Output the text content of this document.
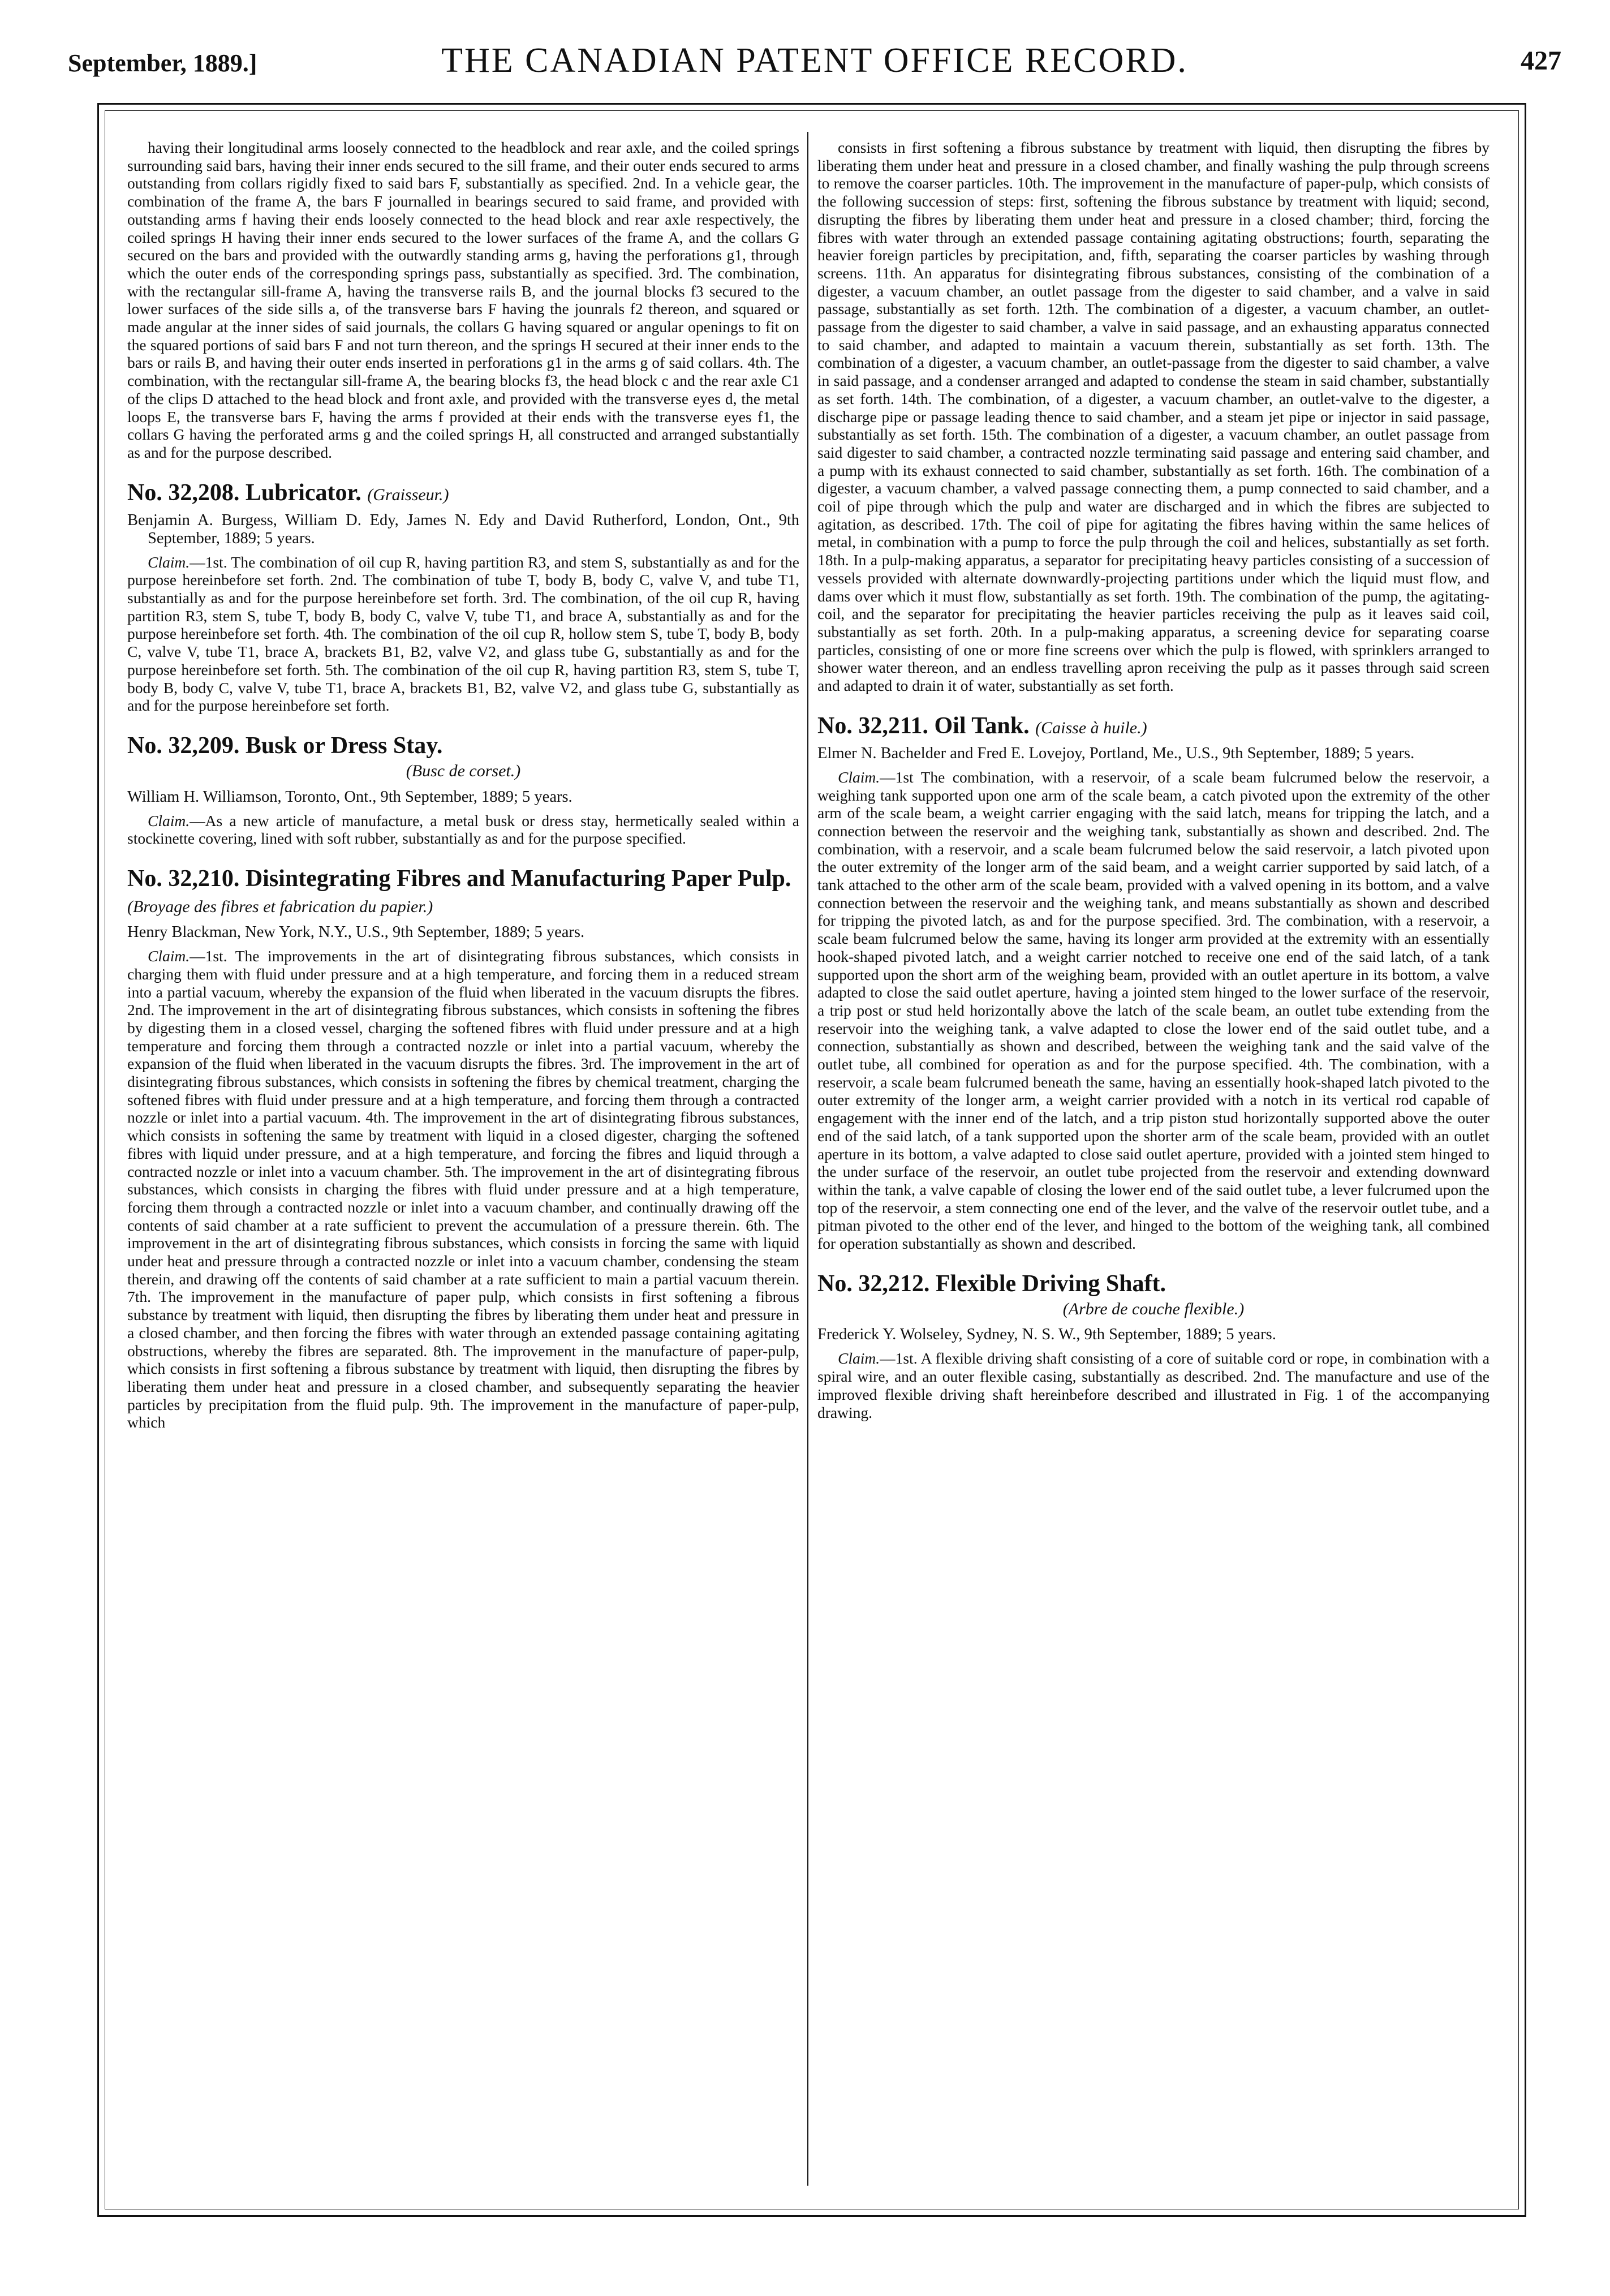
September, 1889.]	THE CANADIAN PATENT OFFICE RECORD.	427

having their longitudinal arms loosely connected to the headblock and rear axle, and the coiled springs surrounding said bars, having their inner ends secured to the sill frame, and their outer ends secured to arms outstanding from collars rigidly fixed to said bars F, substantially as specified. 2nd. In a vehicle gear, the combination of the frame A, the bars F journalled in bearings secured to said frame, and provided with outstanding arms f having their ends loosely connected to the head block and rear axle respectively, the coiled springs H having their inner ends secured to the lower surfaces of the frame A, and the collars G secured on the bars and provided with the outwardly standing arms g, having the perforations g1, through which the outer ends of the corresponding springs pass, substantially as specified. 3rd. The combination, with the rectangular sill-frame A, having the transverse rails B, and the journal blocks f3 secured to the lower surfaces of the side sills a, of the transverse bars F having the jounrals f2 thereon, and squared or made angular at the inner sides of said journals, the collars G having squared or angular openings to fit on the squared portions of said bars F and not turn thereon, and the springs H secured at their inner ends to the bars or rails B, and having their outer ends inserted in perforations g1 in the arms g of said collars. 4th. The combination, with the rectangular sill-frame A, the bearing blocks f3, the head block c and the rear axle C1 of the clips D attached to the head block and front axle, and provided with the transverse eyes d, the metal loops E, the transverse bars F, having the arms f provided at their ends with the transverse eyes f1, the collars G having the perforated arms g and the coiled springs H, all constructed and arranged substantially as and for the purpose described.

No. 32,208. Lubricator. (Graisseur.)

Benjamin A. Burgess, William D. Edy, James N. Edy and David Rutherford, London, Ont., 9th September, 1889; 5 years.

Claim.—1st. The combination of oil cup R, having partition R3, and stem S, substantially as and for the purpose hereinbefore set forth. 2nd. The combination of tube T, body B, body C, valve V, and tube T1, substantially as and for the purpose hereinbefore set forth. 3rd. The combination, of the oil cup R, having partition R3, stem S, tube T, body B, body C, valve V, tube T1, and brace A, substantially as and for the purpose hereinbefore set forth. 4th. The combination of the oil cup R, hollow stem S, tube T, body B, body C, valve V, tube T1, brace A, brackets B1, B2, valve V2, and glass tube G, substantially as and for the purpose hereinbefore set forth. 5th. The combination of the oil cup R, having partition R3, stem S, tube T, body B, body C, valve V, tube T1, brace A, brackets B1, B2, valve V2, and glass tube G, substantially as and for the purpose hereinbefore set forth.

No. 32,209. Busk or Dress Stay.

(Busc de corset.)

William H. Williamson, Toronto, Ont., 9th September, 1889; 5 years.

Claim.—As a new article of manufacture, a metal busk or dress stay, hermetically sealed within a stockinette covering, lined with soft rubber, substantially as and for the purpose specified.

No. 32,210. Disintegrating Fibres and Manufacturing Paper Pulp. (Broyage des fibres et fabrication du papier.)

Henry Blackman, New York, N.Y., U.S., 9th September, 1889; 5 years.

Claim.—1st. The improvements in the art of disintegrating fibrous substances, which consists in charging them with fluid under pressure and at a high temperature, and forcing them in a reduced stream into a partial vacuum, whereby the expansion of the fluid when liberated in the vacuum disrupts the fibres. 2nd. The improvement in the art of disintegrating fibrous substances, which consists in softening the fibres by digesting them in a closed vessel, charging the softened fibres with fluid under pressure and at a high temperature and forcing them through a contracted nozzle or inlet into a partial vacuum, whereby the expansion of the fluid when liberated in the vacuum disrupts the fibres. 3rd. The improvement in the art of disintegrating fibrous substances, which consists in softening the fibres by chemical treatment, charging the softened fibres with fluid under pressure and at a high temperature, and forcing them through a contracted nozzle or inlet into a partial vacuum. 4th. The improvement in the art of disintegrating fibrous substances, which consists in softening the same by treatment with liquid in a closed digester, charging the softened fibres with liquid under pressure, and at a high temperature, and forcing the fibres and liquid through a contracted nozzle or inlet into a vacuum chamber. 5th. The improvement in the art of disintegrating fibrous substances, which consists in charging the fibres with fluid under pressure and at a high temperature, forcing them through a contracted nozzle or inlet into a vacuum chamber, and continually drawing off the contents of said chamber at a rate sufficient to prevent the accumulation of a pressure therein. 6th. The improvement in the art of disintegrating fibrous substances, which consists in forcing the same with liquid under heat and pressure through a contracted nozzle or inlet into a vacuum chamber, condensing the steam therein, and drawing off the contents of said chamber at a rate sufficient to main a partial vacuum therein. 7th. The improvement in the manufacture of paper pulp, which consists in first softening a fibrous substance by treatment with liquid, then disrupting the fibres by liberating them under heat and pressure in a closed chamber, and then forcing the fibres with water through an extended passage containing agitating obstructions, whereby the fibres are separated. 8th. The improvement in the manufacture of paper-pulp, which consists in first softening a fibrous substance by treatment with liquid, then disrupting the fibres by liberating them under heat and pressure in a closed chamber, and subsequently separating the heavier particles by precipitation from the fluid pulp. 9th. The improvement in the manufacture of paper-pulp, which

consists in first softening a fibrous substance by treatment with liquid, then disrupting the fibres by liberating them under heat and pressure in a closed chamber, and finally washing the pulp through screens to remove the coarser particles. 10th. The improvement in the manufacture of paper-pulp, which consists of the following succession of steps: first, softening the fibrous substance by treatment with liquid; second, disrupting the fibres by liberating them under heat and pressure in a closed chamber; third, forcing the fibres with water through an extended passage containing agitating obstructions; fourth, separating the heavier foreign particles by precipitation, and, fifth, separating the coarser particles by washing through screens. 11th. An apparatus for disintegrating fibrous substances, consisting of the combination of a digester, a vacuum chamber, an outlet passage from the digester to said chamber, and a valve in said passage, substantially as set forth. 12th. The combination of a digester, a vacuum chamber, an outlet-passage from the digester to said chamber, a valve in said passage, and an exhausting apparatus connected to said chamber, and adapted to maintain a vacuum therein, substantially as set forth. 13th. The combination of a digester, a vacuum chamber, an outlet-passage from the digester to said chamber, a valve in said passage, and a condenser arranged and adapted to condense the steam in said chamber, substantially as set forth. 14th. The combination, of a digester, a vacuum chamber, an outlet-valve to the digester, a discharge pipe or passage leading thence to said chamber, and a steam jet pipe or injector in said passage, substantially as set forth. 15th. The combination of a digester, a vacuum chamber, an outlet passage from said digester to said chamber, a contracted nozzle terminating said passage and entering said chamber, and a pump with its exhaust connected to said chamber, substantially as set forth. 16th. The combination of a digester, a vacuum chamber, a valved passage connecting them, a pump connected to said chamber, and a coil of pipe through which the pulp and water are discharged and in which the fibres are subjected to agitation, as described. 17th. The coil of pipe for agitating the fibres having within the same helices of metal, in combination with a pump to force the pulp through the coil and helices, substantially as set forth. 18th. In a pulp-making apparatus, a separator for precipitating heavy particles consisting of a succession of vessels provided with alternate downwardly-projecting partitions under which the liquid must flow, and dams over which it must flow, substantially as set forth. 19th. The combination of the pump, the agitating-coil, and the separator for precipitating the heavier particles receiving the pulp as it leaves said coil, substantially as set forth. 20th. In a pulp-making apparatus, a screening device for separating coarse particles, consisting of one or more fine screens over which the pulp is flowed, with sprinklers arranged to shower water thereon, and an endless travelling apron receiving the pulp as it passes through said screen and adapted to drain it of water, substantially as set forth.

No. 32,211. Oil Tank. (Caisse à huile.)

Elmer N. Bachelder and Fred E. Lovejoy, Portland, Me., U.S., 9th September, 1889; 5 years.

Claim.—1st The combination, with a reservoir, of a scale beam fulcrumed below the reservoir, a weighing tank supported upon one arm of the scale beam, a catch pivoted upon the extremity of the other arm of the scale beam, a weight carrier engaging with the said latch, means for tripping the latch, and a connection between the reservoir and the weighing tank, substantially as shown and described. 2nd. The combination, with a reservoir, and a scale beam fulcrumed below the said reservoir, a latch pivoted upon the outer extremity of the longer arm of the said beam, and a weight carrier supported by said latch, of a tank attached to the other arm of the scale beam, provided with a valved opening in its bottom, and a valve connection between the reservoir and the weighing tank, and means substantially as shown and described for tripping the pivoted latch, as and for the purpose specified. 3rd. The combination, with a reservoir, a scale beam fulcrumed below the same, having its longer arm provided at the extremity with an essentially hook-shaped pivoted latch, and a weight carrier notched to receive one end of the said latch, of a tank supported upon the short arm of the weighing beam, provided with an outlet aperture in its bottom, a valve adapted to close the said outlet aperture, having a jointed stem hinged to the lower surface of the reservoir, a trip post or stud held horizontally above the latch of the scale beam, an outlet tube extending from the reservoir into the weighing tank, a valve adapted to close the lower end of the said outlet tube, and a connection, substantially as shown and described, between the weighing tank and the said valve of the outlet tube, all combined for operation as and for the purpose specified. 4th. The combination, with a reservoir, a scale beam fulcrumed beneath the same, having an essentially hook-shaped latch pivoted to the outer extremity of the longer arm, a weight carrier provided with a notch in its vertical rod capable of engagement with the inner end of the latch, and a trip piston stud horizontally supported above the outer end of the said latch, of a tank supported upon the shorter arm of the scale beam, provided with an outlet aperture in its bottom, a valve adapted to close said outlet aperture, provided with a jointed stem hinged to the under surface of the reservoir, an outlet tube projected from the reservoir and extending downward within the tank, a valve capable of closing the lower end of the said outlet tube, a lever fulcrumed upon the top of the reservoir, a stem connecting one end of the lever, and the valve of the reservoir outlet tube, and a pitman pivoted to the other end of the lever, and hinged to the bottom of the weighing tank, all combined for operation substantially as shown and described.

No. 32,212. Flexible Driving Shaft.

(Arbre de couche flexible.)

Frederick Y. Wolseley, Sydney, N. S. W., 9th September, 1889; 5 years.

Claim.—1st. A flexible driving shaft consisting of a core of suitable cord or rope, in combination with a spiral wire, and an outer flexible casing, substantially as described. 2nd. The manufacture and use of the improved flexible driving shaft hereinbefore described and illustrated in Fig. 1 of the accompanying drawing.
